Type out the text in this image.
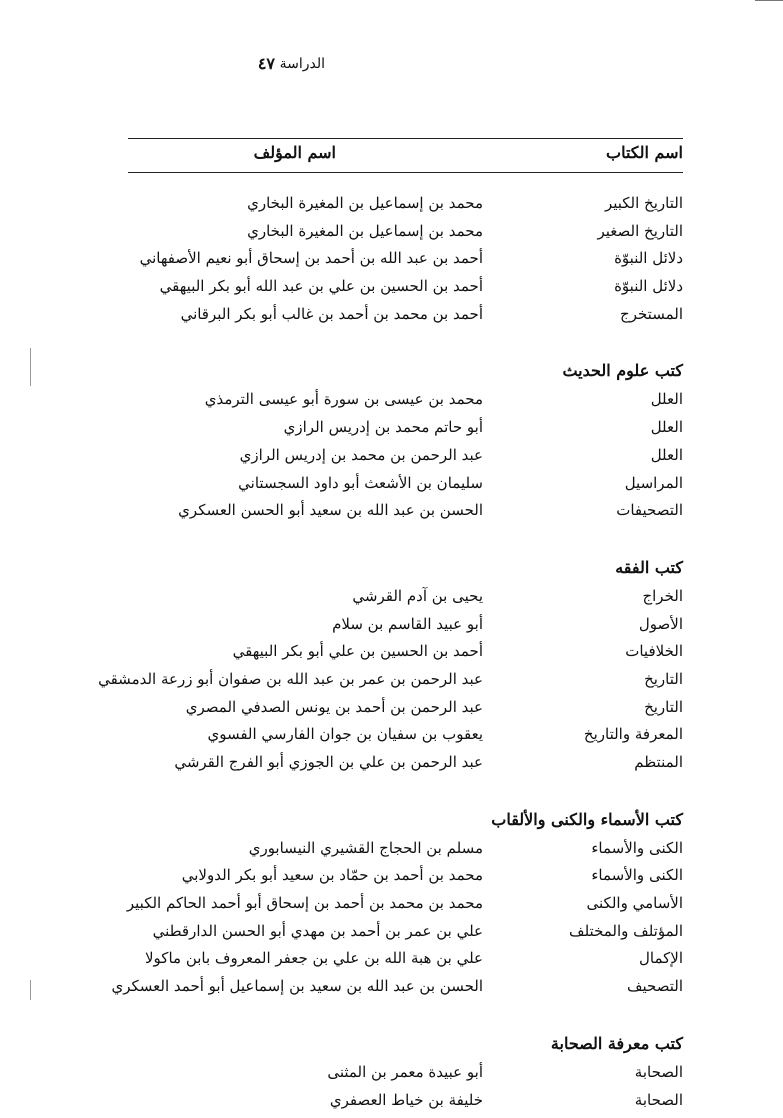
الدراسة
٤٧
اسم الكتاب
اسم المؤلف
التاريخ الكبير
محمد بن إسماعيل بن المغيرة البخاري
التاريخ الصغير
محمد بن إسماعيل بن المغيرة البخاري
دلائل النبوّة
أحمد بن عبد الله بن أحمد بن إسحاق أبو نعيم الأصفهاني
دلائل النبوّة
أحمد بن الحسين بن علي بن عبد الله أبو بكر البيهقي
المستخرج
أحمد بن محمد بن أحمد بن غالب أبو بكر البرقاني
كتب علوم الحديث
العلل
محمد بن عيسى بن سورة أبو عيسى الترمذي
العلل
أبو حاتم محمد بن إدريس الرازي
العلل
عبد الرحمن بن محمد بن إدريس الرازي
المراسيل
سليمان بن الأشعث أبو داود السجستاني
التصحيفات
الحسن بن عبد الله بن سعيد أبو الحسن العسكري
كتب الفقه
الخراج
يحيى بن آدم القرشي
الأصول
أبو عبيد القاسم بن سلام
الخلافيات
أحمد بن الحسين بن علي أبو بكر البيهقي
التاريخ
عبد الرحمن بن عمر بن عبد الله بن صفوان أبو زرعة الدمشقي
التاريخ
عبد الرحمن بن أحمد بن يونس الصدفي المصري
المعرفة والتاريخ
يعقوب بن سفيان بن جوان الفارسي الفسوي
المنتظم
عبد الرحمن بن علي بن الجوزي أبو الفرج القرشي
كتب الأسماء والكنى والألقاب
الكنى والأسماء
مسلم بن الحجاج القشيري النيسابوري
الكنى والأسماء
محمد بن أحمد بن حمّاد بن سعيد أبو بكر الدولابي
الأسامي والكنى
محمد بن محمد بن أحمد بن إسحاق أبو أحمد الحاكم الكبير
المؤتلف والمختلف
علي بن عمر بن أحمد بن مهدي أبو الحسن الدارقطني
الإكمال
علي بن هبة الله بن علي بن جعفر المعروف بابن ماكولا
التصحيف
الحسن بن عبد الله بن سعيد بن إسماعيل أبو أحمد العسكري
كتب معرفة الصحابة
الصحابة
أبو عبيدة معمر بن المثنى
الصحابة
خليفة بن خياط العصفري
